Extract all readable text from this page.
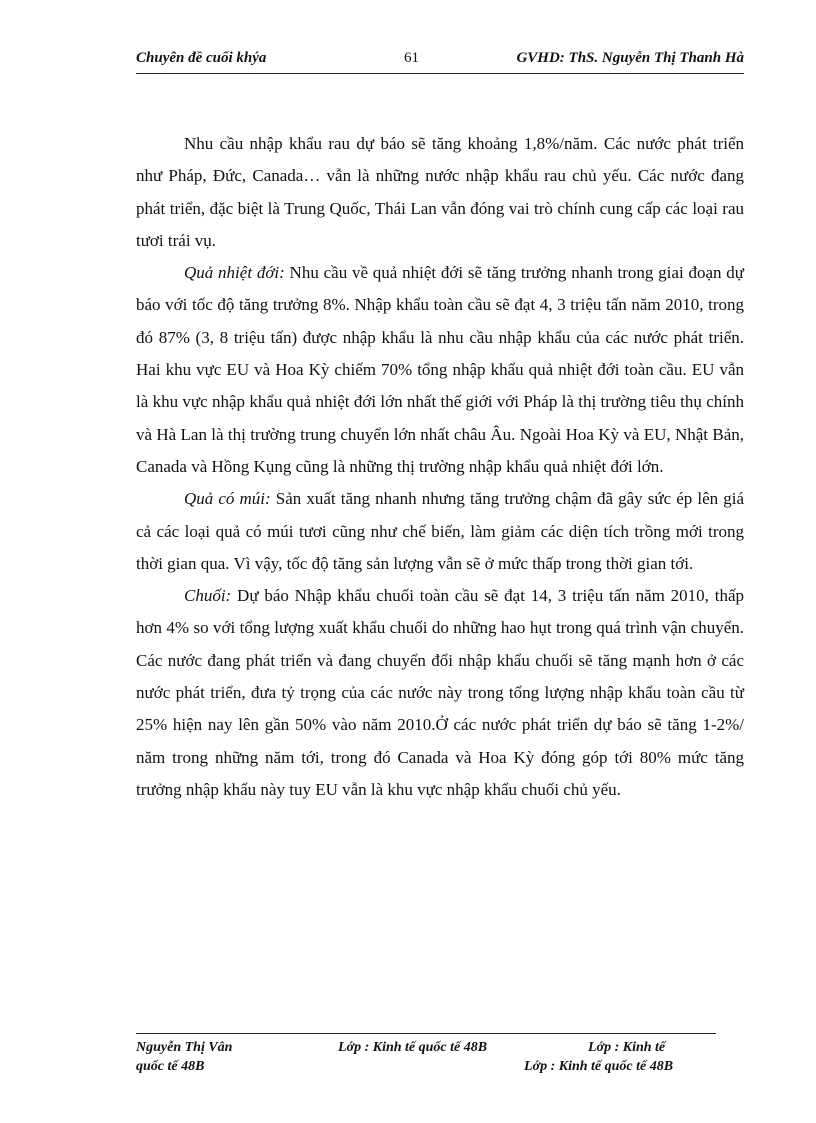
Chuyên đề cuối khýa	61	GVHD: ThS. Nguyễn Thị Thanh Hà

Nhu cầu nhập khẩu rau dự báo sẽ tăng khoảng 1,8%/năm. Các nước phát triển như Pháp, Đức, Canada… vẫn là những nước nhập khẩu rau chủ yếu. Các nước đang phát triển, đặc biệt là Trung Quốc, Thái Lan vẫn đóng vai trò chính cung cấp các loại rau tươi trái vụ.

Quả nhiệt đới: Nhu cầu về quả nhiệt đới sẽ tăng trưởng nhanh trong giai đoạn dự báo với tốc độ tăng trưởng 8%. Nhập khẩu toàn cầu sẽ đạt 4, 3 triệu tấn năm 2010, trong đó 87% (3, 8 triệu tấn) được nhập khẩu là nhu cầu nhập khẩu của các nước phát triển. Hai khu vực EU và Hoa Kỳ chiếm 70% tổng nhập khẩu quả nhiệt đới toàn cầu. EU vẫn là khu vực nhập khẩu quả nhiệt đới lớn nhất thế giới với Pháp là thị trường tiêu thụ chính và Hà Lan là thị trường trung chuyển lớn nhất châu Âu. Ngoài Hoa Kỳ và EU, Nhật Bản, Canada và Hồng Kụng cũng là những thị trường nhập khẩu quả nhiệt đới lớn.

Quả có múi: Sản xuất tăng nhanh nhưng tăng trưởng chậm đã gây sức ép lên giá cả các loại quả có múi tươi cũng như chế biến, làm giảm các diện tích trồng mới trong thời gian qua. Vì vậy, tốc độ tăng sản lượng vẫn sẽ ở mức thấp trong thời gian tới.

Chuối: Dự báo Nhập khẩu chuối toàn cầu sẽ đạt 14, 3 triệu tấn năm 2010, thấp hơn 4% so với tổng lượng xuất khẩu chuối do những hao hụt trong quá trình vận chuyển. Các nước đang phát triển và đang chuyển đổi nhập khẩu chuối sẽ tăng mạnh hơn ở các nước phát triển, đưa tỷ trọng của các nước này trong tổng lượng nhập khẩu toàn cầu từ 25% hiện nay lên gần 50% vào năm 2010.Ở các nước phát triển dự báo sẽ tăng 1-2%/ năm trong những năm tới, trong đó Canada và Hoa Kỳ đóng góp tới 80% mức tăng trưởng nhập khẩu này tuy EU vẫn là khu vực nhập khẩu chuối chủ yếu.

Nguyễn Thị Vân	Lớp : Kinh tế quốc tế 48B	Lớp : Kinh tế
quốc tế 48B	Lớp : Kinh tế quốc tế 48B
